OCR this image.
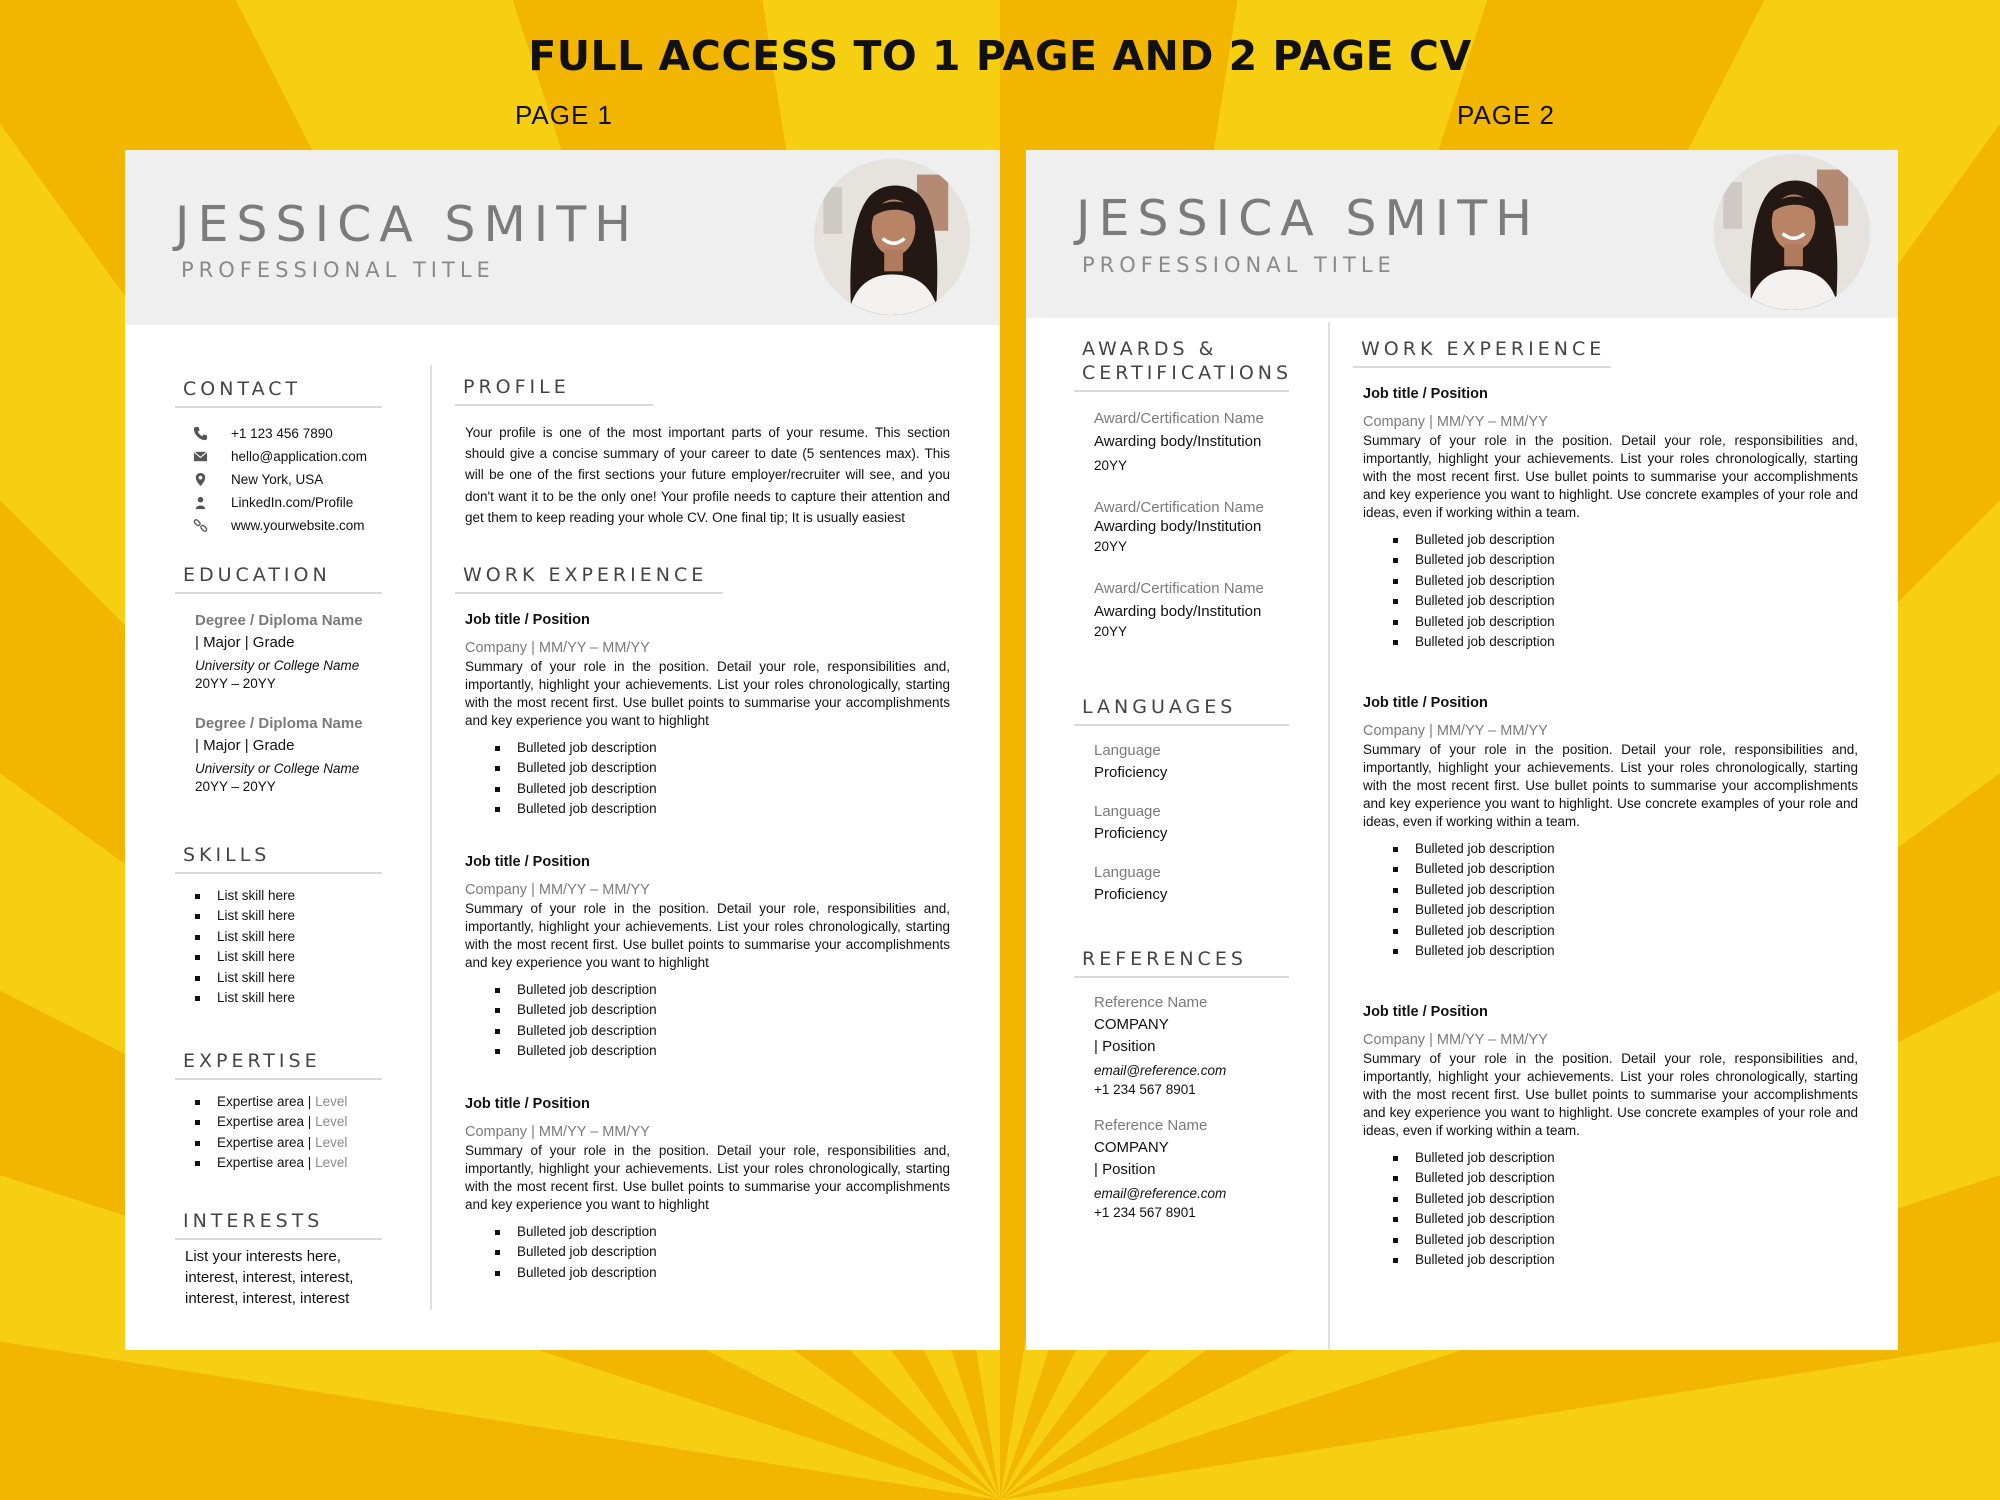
FULL ACCESS TO 1 PAGE AND 2 PAGE CV
PAGE 1	PAGE 2
JESSICA SMITH
PROFESSIONAL TITLE
CONTACT
+1 123 456 7890
hello@application.com
New York, USA
LinkedIn.com/Profile
www.yourwebsite.com
EDUCATION
Degree / Diploma Name
| Major | Grade
University or College Name
20YY – 20YY
Degree / Diploma Name
| Major | Grade
University or College Name
20YY – 20YY
SKILLS
List skill here
List skill here
List skill here
List skill here
List skill here
List skill here
EXPERTISE
Expertise area | Level
Expertise area | Level
Expertise area | Level
Expertise area | Level
INTERESTS
List your interests here, interest, interest, interest, interest, interest, interest
PROFILE
Your profile is one of the most important parts of your resume. This section should give a concise summary of your career to date (5 sentences max). This will be one of the first sections your future employer/recruiter will see, and you don't want it to be the only one! Your profile needs to capture their attention and get them to keep reading your whole CV. One final tip; It is usually easiest
WORK EXPERIENCE
Job title / Position
Company | MM/YY – MM/YY
Summary of your role in the position. Detail your role, responsibilities and, importantly, highlight your achievements. List your roles chronologically, starting with the most recent first. Use bullet points to summarise your accomplishments and key experience you want to highlight
Bulleted job description
Bulleted job description
Bulleted job description
Bulleted job description
Job title / Position
Company | MM/YY – MM/YY
Summary of your role in the position. Detail your role, responsibilities and, importantly, highlight your achievements. List your roles chronologically, starting with the most recent first. Use bullet points to summarise your accomplishments and key experience you want to highlight
Bulleted job description
Bulleted job description
Bulleted job description
Bulleted job description
Job title / Position
Company | MM/YY – MM/YY
Summary of your role in the position. Detail your role, responsibilities and, importantly, highlight your achievements. List your roles chronologically, starting with the most recent first. Use bullet points to summarise your accomplishments and key experience you want to highlight
Bulleted job description
Bulleted job description
Bulleted job description
JESSICA SMITH
PROFESSIONAL TITLE
AWARDS & CERTIFICATIONS
Award/Certification Name
Awarding body/Institution
20YY
Award/Certification Name
Awarding body/Institution
20YY
Award/Certification Name
Awarding body/Institution
20YY
LANGUAGES
Language
Proficiency
Language
Proficiency
Language
Proficiency
REFERENCES
Reference Name
COMPANY
| Position
email@reference.com
+1 234 567 8901
Reference Name
COMPANY
| Position
email@reference.com
+1 234 567 8901
WORK EXPERIENCE
Job title / Position
Company | MM/YY – MM/YY
Summary of your role in the position. Detail your role, responsibilities and, importantly, highlight your achievements. List your roles chronologically, starting with the most recent first. Use bullet points to summarise your accomplishments and key experience you want to highlight. Use concrete examples of your role and ideas, even if working within a team.
Bulleted job description
Bulleted job description
Bulleted job description
Bulleted job description
Bulleted job description
Bulleted job description
Job title / Position
Company | MM/YY – MM/YY
Summary of your role in the position. Detail your role, responsibilities and, importantly, highlight your achievements. List your roles chronologically, starting with the most recent first. Use bullet points to summarise your accomplishments and key experience you want to highlight. Use concrete examples of your role and ideas, even if working within a team.
Bulleted job description
Bulleted job description
Bulleted job description
Bulleted job description
Bulleted job description
Bulleted job description
Job title / Position
Company | MM/YY – MM/YY
Summary of your role in the position. Detail your role, responsibilities and, importantly, highlight your achievements. List your roles chronologically, starting with the most recent first. Use bullet points to summarise your accomplishments and key experience you want to highlight. Use concrete examples of your role and ideas, even if working within a team.
Bulleted job description
Bulleted job description
Bulleted job description
Bulleted job description
Bulleted job description
Bulleted job description
